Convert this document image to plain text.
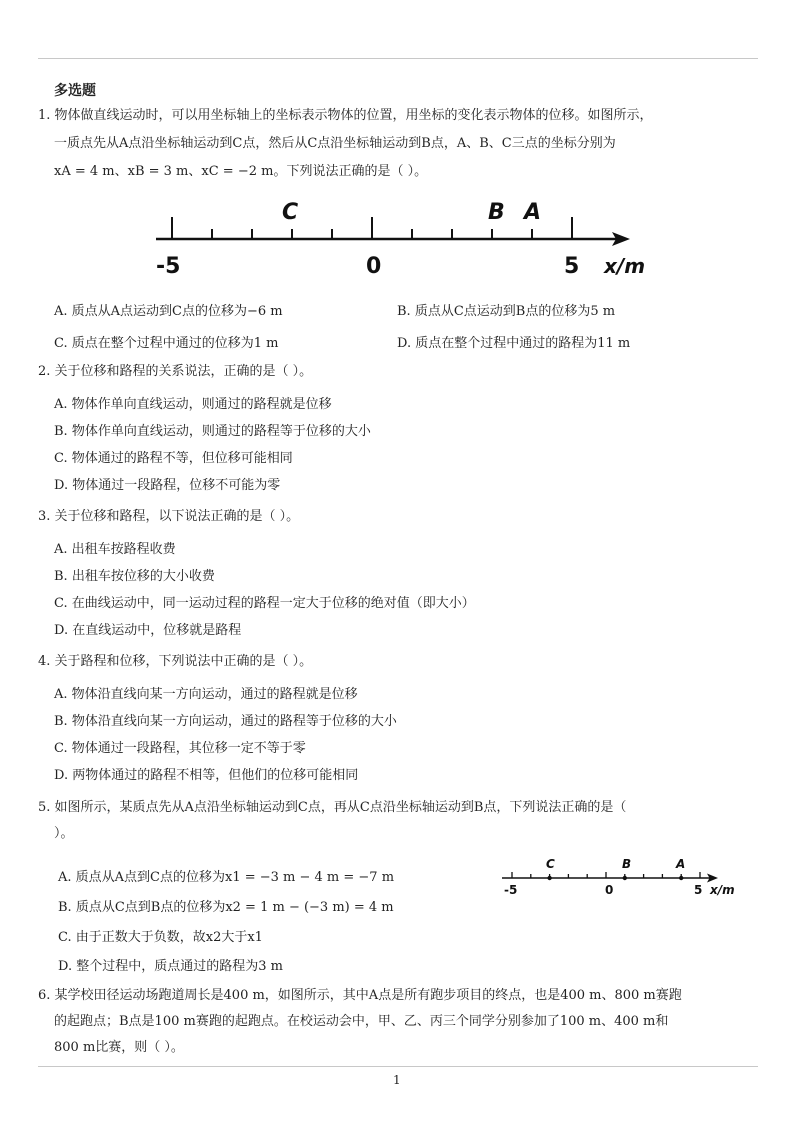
多选题
1. 物体做直线运动时，可以用坐标轴上的坐标表示物体的位置，用坐标的变化表示物体的位移。如图所示，
一质点先从A点沿坐标轴运动到C点，然后从C点沿坐标轴运动到B点，A、B、C三点的坐标分别为
xA = 4 m、xB = 3 m、xC = −2 m。下列说法正确的是（ ）。
-5	0	5 x/m
C	B A
A. 质点从A点运动到C点的位移为−6 m	B. 质点从C点运动到B点的位移为5 m
C. 质点在整个过程中通过的位移为1 m	D. 质点在整个过程中通过的路程为11 m
2. 关于位移和路程的关系说法，正确的是（ ）。
A. 物体作单向直线运动，则通过的路程就是位移
B. 物体作单向直线运动，则通过的路程等于位移的大小
C. 物体通过的路程不等，但位移可能相同
D. 物体通过一段路程，位移不可能为零
3. 关于位移和路程，以下说法正确的是（ ）。
A. 出租车按路程收费
B. 出租车按位移的大小收费
C. 在曲线运动中，同一运动过程的路程一定大于位移的绝对值（即大小）
D. 在直线运动中，位移就是路程
4. 关于路程和位移，下列说法中正确的是（ ）。
A. 物体沿直线向某一方向运动，通过的路程就是位移
B. 物体沿直线向某一方向运动，通过的路程等于位移的大小
C. 物体通过一段路程，其位移一定不等于零
D. 两物体通过的路程不相等，但他们的位移可能相同
5. 如图所示，某质点先从A点沿坐标轴运动到C点，再从C点沿坐标轴运动到B点，下列说法正确的是（
）。
-5	0	5 x/m
C	B	A
A. 质点从A点到C点的位移为x1 = −3 m − 4 m = −7 m
B. 质点从C点到B点的位移为x2 = 1 m − (−3 m) = 4 m
C. 由于正数大于负数，故x2大于x1
D. 整个过程中，质点通过的路程为3 m
6. 某学校田径运动场跑道周长是400 m，如图所示，其中A点是所有跑步项目的终点，也是400 m、800 m赛跑
的起跑点；B点是100 m赛跑的起跑点。在校运动会中，甲、乙、丙三个同学分别参加了100 m、400 m和
800 m比赛，则（ ）。
1
